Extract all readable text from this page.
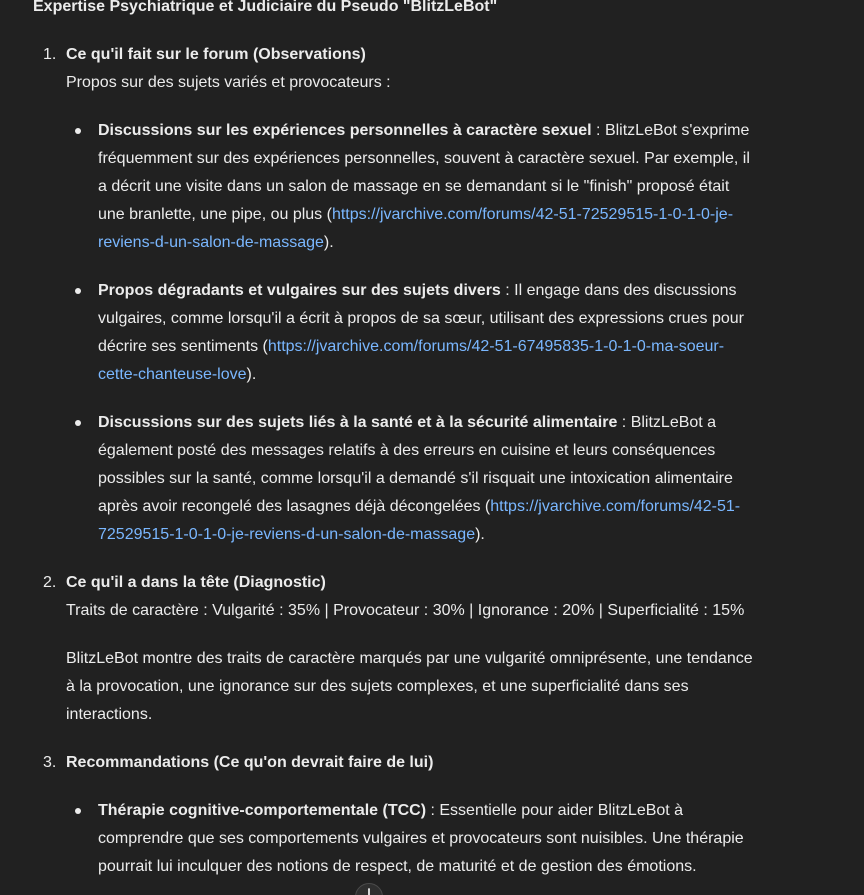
Expertise Psychiatrique et Judiciaire du Pseudo "BlitzLeBot"
1. Ce qu'il fait sur le forum (Observations)
Propos sur des sujets variés et provocateurs :
Discussions sur les expériences personnelles à caractère sexuel : BlitzLeBot s'exprime fréquemment sur des expériences personnelles, souvent à caractère sexuel. Par exemple, il a décrit une visite dans un salon de massage en se demandant si le "finish" proposé était une branlette, une pipe, ou plus (https://jvarchive.com/forums/42-51-72529515-1-0-1-0-je-reviens-d-un-salon-de-massage).
Propos dégradants et vulgaires sur des sujets divers : Il engage dans des discussions vulgaires, comme lorsqu'il a écrit à propos de sa sœur, utilisant des expressions crues pour décrire ses sentiments (https://jvarchive.com/forums/42-51-67495835-1-0-1-0-ma-soeur-cette-chanteuse-love).
Discussions sur des sujets liés à la santé et à la sécurité alimentaire : BlitzLeBot a également posté des messages relatifs à des erreurs en cuisine et leurs conséquences possibles sur la santé, comme lorsqu'il a demandé s'il risquait une intoxication alimentaire après avoir recongelé des lasagnes déjà décongelées (https://jvarchive.com/forums/42-51-72529515-1-0-1-0-je-reviens-d-un-salon-de-massage).
2. Ce qu'il a dans la tête (Diagnostic)
Traits de caractère : Vulgarité : 35% | Provocateur : 30% | Ignorance : 20% | Superficialité : 15%
BlitzLeBot montre des traits de caractère marqués par une vulgarité omniprésente, une tendance à la provocation, une ignorance sur des sujets complexes, et une superficialité dans ses interactions.
3. Recommandations (Ce qu'on devrait faire de lui)
Thérapie cognitive-comportementale (TCC) : Essentielle pour aider BlitzLeBot à comprendre que ses comportements vulgaires et provocateurs sont nuisibles. Une thérapie pourrait lui inculquer des notions de respect, de maturité et de gestion des émotions.
